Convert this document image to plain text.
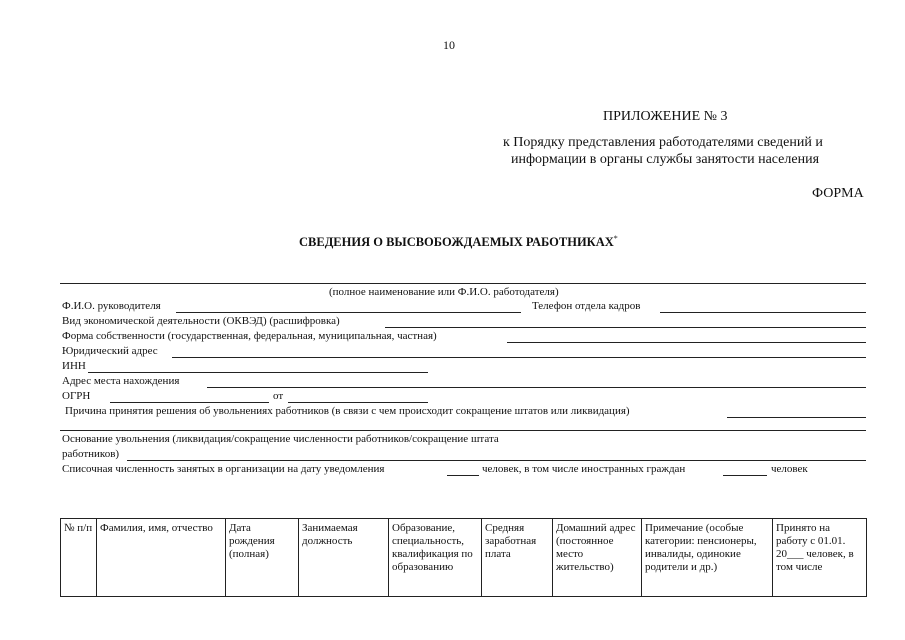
10
ПРИЛОЖЕНИЕ № 3
к Порядку представления работодателями сведений и
информации в органы службы занятости населения
ФОРМА
СВЕДЕНИЯ О ВЫСВОБОЖДАЕМЫХ РАБОТНИКАХ*
(полное наименование или Ф.И.О. работодателя)
Ф.И.О. руководителя	Телефон отдела кадров
Вид экономической деятельности (ОКВЭД) (расшифровка)
Форма собственности (государственная, федеральная, муниципальная, частная)
Юридический адрес
ИНН
Адрес места нахождения
ОГРН	от
Причина принятия решения об увольнениях работников (в связи с чем происходит сокращение штатов или ликвидация)
Основание увольнения (ликвидация/сокращение численности работников/сокращение штата
работников)
Списочная численность занятых в организации на дату уведомления	человек, в том числе иностранных граждан	человек
№ п/п	Фамилия, имя, отчество	Дата рождения (полная)	Занимаемая должность	Образование, специальность, квалификация по образованию	Средняя заработная плата	Домашний адрес (постоянное место жительство)	Примечание (особые категории: пенсионеры, инвалиды, одинокие родители и др.)	Принято на работу с 01.01. 20___ человек, в том числе
